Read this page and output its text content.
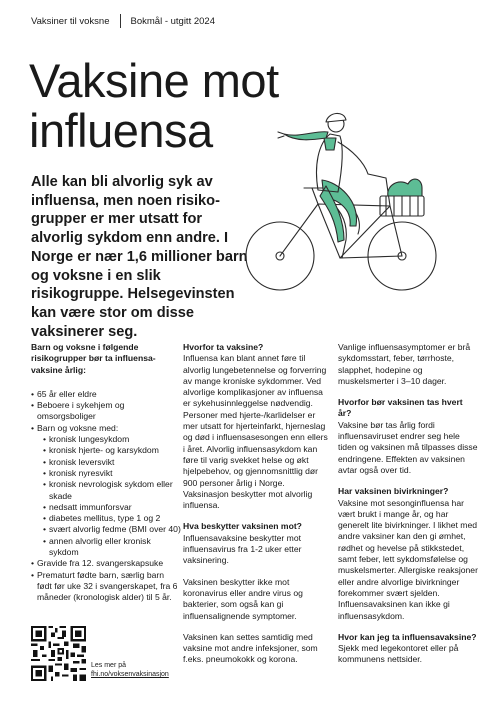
Vaksiner til voksne Bokmål - utgitt 2024
Vaksine mot
influensa
Alle kan bli alvorlig syk av influensa, men noen risikogrupper er mer utsatt for alvorlig sykdom enn andre. I Norge er nær 1,6 millioner barn og voksne i en slik risikogruppe. Helsegevinsten kan være stor om disse vaksinerer seg.

Barn og voksne i følgende risikogrupper bør ta influensavaksine årlig:

• 65 år eller eldre
• Beboere i sykehjem og omsorgsboliger
• Barn og voksne med:
• kronisk lungesykdom
• kronisk hjerte- og karsykdom
• kronisk leversvikt
• kronisk nyresvikt
• kronisk nevrologisk sykdom eller skade
• nedsatt immunforsvar
• diabetes mellitus, type 1 og 2
• svært alvorlig fedme (BMI over 40)
• annen alvorlig eller kronisk sykdom
• Gravide fra 12. svangerskapsuke
• Prematurt fødte barn, særlig barn født før uke 32 i svangerskapet, fra 6 måneder (kronologisk alder) til 5 år.
Les mer på
fhi.no/voksenvaksinasjon
Hvorfor ta vaksine?

Influensa kan blant annet føre til alvorlig lungebetennelse og forverring av mange kroniske sykdommer. Ved alvorlige komplikasjoner av influensa er sykehusinnleggelse nødvendig. Personer med hjerte-/karlidelser er mer utsatt for hjerteinfarkt, hjerneslag og død i influensasesongen enn ellers i året. Alvorlig influensasykdom kan føre til varig svekket helse og økt hjelpebehov, og gjennomsnittlig dør 900 personer årlig i Norge. Vaksinasjon beskytter mot alvorlig influensa.

Hva beskytter vaksinen mot?

Influensavaksine beskytter mot influensavirus fra 1-2 uker etter vaksinering.

Vaksinen beskytter ikke mot koronavirus eller andre virus og bakterier, som også kan gi influensalignende symptomer.

Vaksinen kan settes samtidig med vaksine mot andre infeksjoner, som f.eks. pneumokokk og korona.

Vanlige influensasymptomer er brå sykdomsstart, feber, tørrhoste, slapphet, hodepine og muskelsmerter i 3–10 dager.

Hvorfor bør vaksinen tas hvert år?

Vaksine bør tas årlig fordi influensaviruset endrer seg hele tiden og vaksinen må tilpasses disse endringene. Effekten av vaksinen avtar også over tid.

Har vaksinen bivirkninger?

Vaksine mot sesonginfluensa har vært brukt i mange år, og har generelt lite bivirkninger. I likhet med andre vaksiner kan den gi ømhet, rødhet og hevelse på stikkstedet, samt feber, lett sykdomsfølelse og muskelsmerter. Allergiske reaksjoner eller andre alvorlige bivirkninger forekommer svært sjelden. Influensavaksinen kan ikke gi influensasykdom.

Hvor kan jeg ta influensavaksine?

Sjekk med legekontoret eller på kommunens nettsider.
